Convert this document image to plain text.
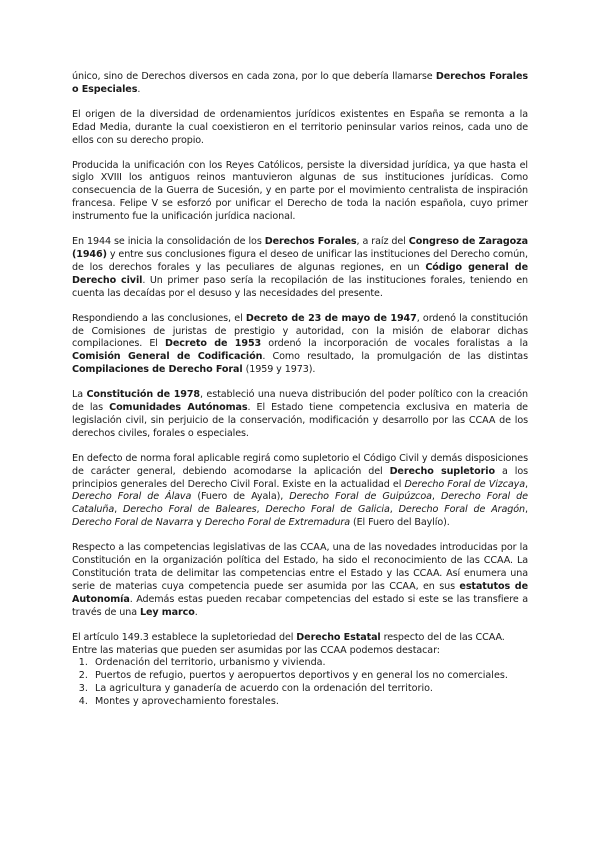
único, sino de Derechos diversos en cada zona, por lo que debería llamarse Derechos Forales o Especiales.

El origen de la diversidad de ordenamientos jurídicos existentes en España se remonta a la Edad Media, durante la cual coexistieron en el territorio peninsular varios reinos, cada uno de ellos con su derecho propio.

Producida la unificación con los Reyes Católicos, persiste la diversidad jurídica, ya que hasta el siglo XVIII los antiguos reinos mantuvieron algunas de sus instituciones jurídicas. Como consecuencia de la Guerra de Sucesión, y en parte por el movimiento centralista de inspiración francesa. Felipe V se esforzó por unificar el Derecho de toda la nación española, cuyo primer instrumento fue la unificación jurídica nacional.

En 1944 se inicia la consolidación de los Derechos Forales, a raíz del Congreso de Zaragoza (1946) y entre sus conclusiones figura el deseo de unificar las instituciones del Derecho común, de los derechos forales y las peculiares de algunas regiones, en un Código general de Derecho civil. Un primer paso sería la recopilación de las instituciones forales, teniendo en cuenta las decaídas por el desuso y las necesidades del presente.

Respondiendo a las conclusiones, el Decreto de 23 de mayo de 1947, ordenó la constitución de Comisiones de juristas de prestigio y autoridad, con la misión de elaborar dichas compilaciones. El Decreto de 1953 ordenó la incorporación de vocales foralistas a la Comisión General de Codificación. Como resultado, la promulgación de las distintas Compilaciones de Derecho Foral (1959 y 1973).

La Constitución de 1978, estableció una nueva distribución del poder político con la creación de las Comunidades Autónomas. El Estado tiene competencia exclusiva en materia de legislación civil, sin perjuicio de la conservación, modificación y desarrollo por las CCAA de los derechos civiles, forales o especiales.

En defecto de norma foral aplicable regirá como supletorio el Código Civil y demás disposiciones de carácter general, debiendo acomodarse la aplicación del Derecho supletorio a los principios generales del Derecho Civil Foral. Existe en la actualidad el Derecho Foral de Vizcaya, Derecho Foral de Álava (Fuero de Ayala), Derecho Foral de Guipúzcoa, Derecho Foral de Cataluña, Derecho Foral de Baleares, Derecho Foral de Galicia, Derecho Foral de Aragón, Derecho Foral de Navarra y Derecho Foral de Extremadura (El Fuero del Baylío).

Respecto a las competencias legislativas de las CCAA, una de las novedades introducidas por la Constitución en la organización política del Estado, ha sido el reconocimiento de las CCAA. La Constitución trata de delimitar las competencias entre el Estado y las CCAA. Así enumera una serie de materias cuya competencia puede ser asumida por las CCAA, en sus estatutos de Autonomía. Además estas pueden recabar competencias del estado si este se las transfiere a través de una Ley marco.

El artículo 149.3 establece la supletoriedad del Derecho Estatal respecto del de las CCAA. Entre las materias que pueden ser asumidas por las CCAA podemos destacar:

1. Ordenación del territorio, urbanismo y vivienda.
2. Puertos de refugio, puertos y aeropuertos deportivos y en general los no comerciales.
3. La agricultura y ganadería de acuerdo con la ordenación del territorio.
4. Montes y aprovechamiento forestales.
